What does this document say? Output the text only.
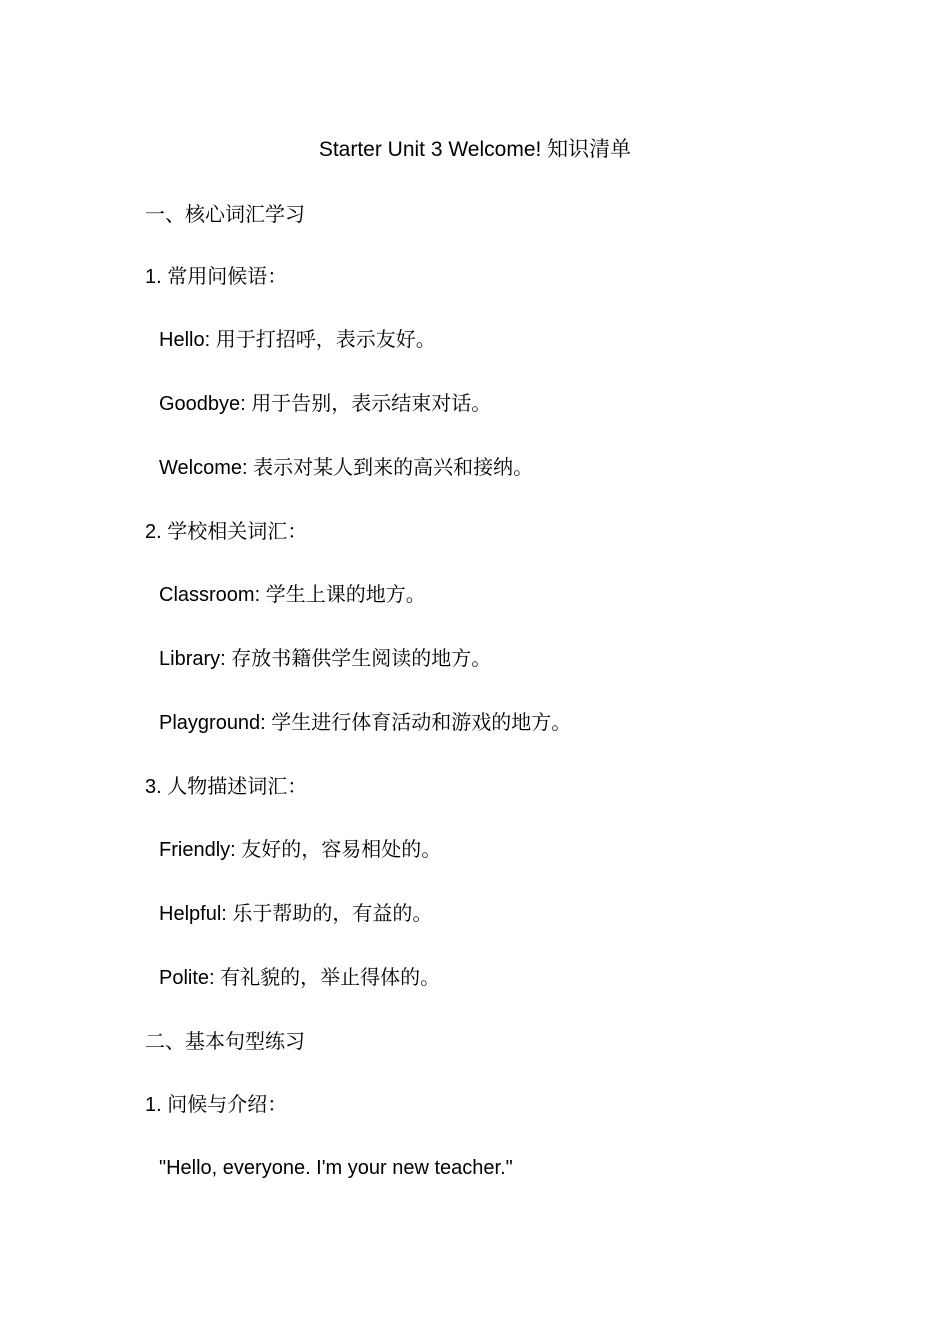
Starter Unit 3 Welcome! 知识清单
一、核心词汇学习
1. 常用问候语：
Hello: 用于打招呼，表示友好。
Goodbye: 用于告别，表示结束对话。
Welcome: 表示对某人到来的高兴和接纳。
2. 学校相关词汇：
Classroom: 学生上课的地方。
Library: 存放书籍供学生阅读的地方。
Playground: 学生进行体育活动和游戏的地方。
3. 人物描述词汇：
Friendly: 友好的，容易相处的。
Helpful: 乐于帮助的，有益的。
Polite: 有礼貌的，举止得体的。
二、基本句型练习
1. 问候与介绍：
"Hello, everyone. I'm your new teacher."
